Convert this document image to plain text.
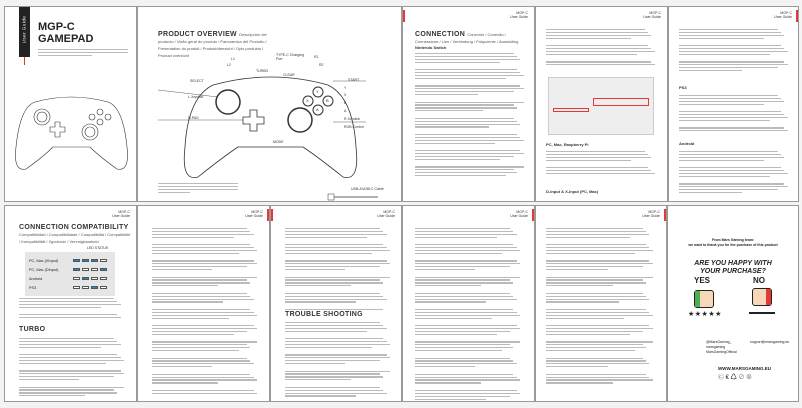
User Guide MGP-C
GAMEPAD	PRODUCT OVERVIEW Descripción del producto / Visão geral do produto / Panoramica del Prodotto / Présentation du produit / Produktübersicht / Opis produktu / Product overzicht
L1
L2
TURBO
SELECT
L Joystick
D-PAD
TYPE-C Charging Port	R1
R2
CLEAR
START
Y
X
B
A
R Joystick
RGB Control
MODE
USB-A/USB-C Cable
Y
X	B
A
MGP-C
User Guide
CONNECTION Conexión / Conexão / Connessione / Lien / Verbindung / Połączenie / Aansluiting
Nintendo Switch
MGP-C
User Guide
PC, Mac, Raspberry Pi
D-Input & X-Input (PC, Mac)
MGP-C
User Guide
PS3
Android
MGP-C
User Guide
CONNECTION COMPATIBILITY Compatibilidad / Compatibilidade / Compatibilità / Compatibilité / Kompatibilität / Zgodność / Verenigbaarheid
LED STATUS
PC, Mac (XInput)
PC, Mac (DInput)
Android
PS3
TURBO
MGP-C
User Guide
MGP-C
User Guide
TROUBLE SHOOTING
MGP-C
User Guide
MGP-C
User Guide
From Mars Gaming team:
we want to thank you for the purchase of this product
ARE YOU HAPPY WITH
YOUR PURCHASE?
YES	NO
★★★★★
@MarsGaming_
marsgaming
MarsGamingOfficial
support@marsgaming.eu
WWW.MARSGAMING.EU
Ⓒ € ♺ ⊘ ⊗
